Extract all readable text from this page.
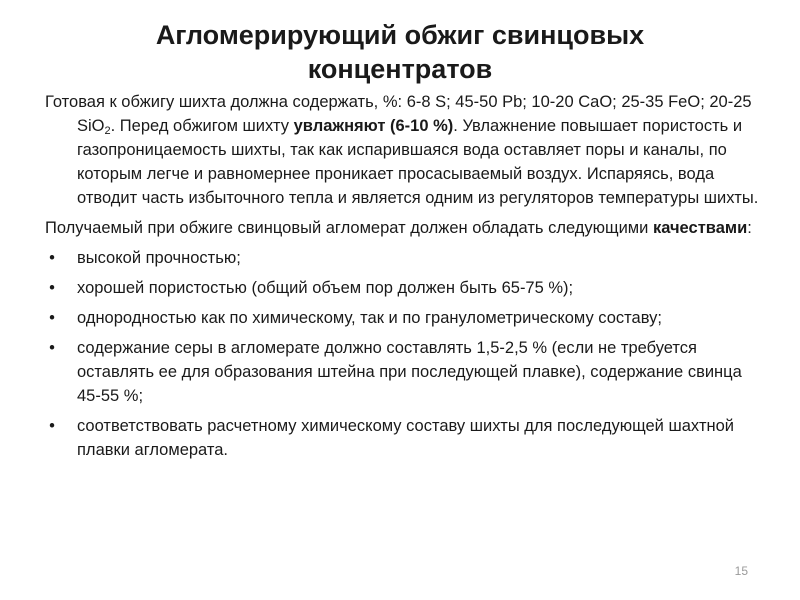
Агломерирующий обжиг свинцовых
концентратов

Готовая к обжигу шихта должна содержать, %: 6-8 S; 45-50 Pb; 10-20 CaO; 25-35 FeO; 20-25 SiO$_2$. Перед обжигом шихту увлажняют (6-10 %). Увлажнение повышает пористость и газопроницаемость шихты, так как испарившаяся вода оставляет поры и каналы, по которым легче и равномернее проникает просасываемый воздух. Испаряясь, вода отводит часть избыточного тепла и является одним из регуляторов температуры шихты.

Получаемый при обжиге свинцовый агломерат должен обладать следующими качествами:

• высокой прочностью;
• хорошей пористостью (общий объем пор должен быть 65-75 %);
• однородностью как по химическому, так и по гранулометрическому составу;
• содержание серы в агломерате должно составлять 1,5-2,5 % (если не требуется оставлять ее для образования штейна при последующей плавке), содержание свинца 45-55 %;
• соответствовать расчетному химическому составу шихты для последующей шахтной плавки агломерата.
15
